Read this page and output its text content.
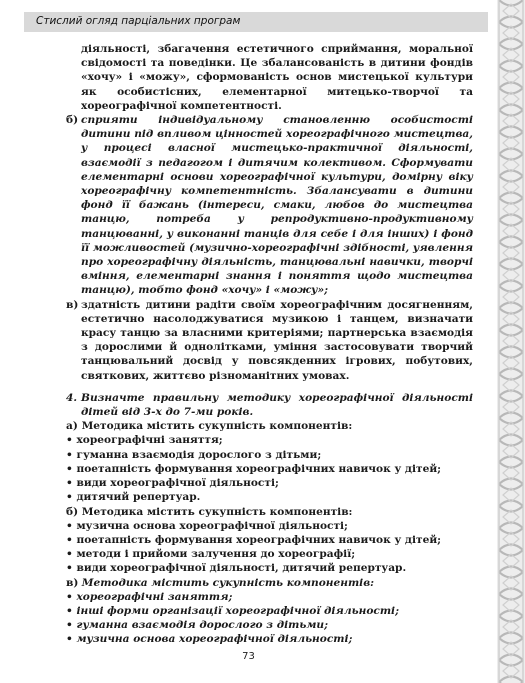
Стислий огляд парціальних програм
діяльності, збагачення естетичного сприймання, моральної свідомості та поведінки. Це збалансованість в дитини фондів «хочу» і «можу», сформованість основ мистецької культури як особистісних, елементарної митецько-творчої та хореографічної компетентності.
б) сприяти індивідуальному становленню особистості дитини під впливом цінностей хореографічного мистецтва, у процесі власної мистецько-практичної діяльності, взаємодії з педагогом і дитячим колективом. Сформувати елементарні основи хореографічної культури, домірну віку хореографічну компетентність. Збалансувати в дитини фонд її бажань (інтереси, смаки, любов до мистецтва танцю, потреба у репродуктивно-продуктивному танцюванні, у виконанні танців для себе і для інших) і фонд її можливостей (музично-хореографічні здібності, уявлення про хореографічну діяльність, танцювальні навички, творчі вміння, елементарні знання і поняття щодо мистецтва танцю), тобто фонд «хочу» і «можу»;
в) здатність дитини радіти своїм хореографічним досягненням, естетично насолоджуватися музикою і танцем, визначати красу танцю за власними критеріями; партнерська взаємодія з дорослими й однолітками, уміння застосовувати творчий танцювальний досвід у повсякденних ігрових, побутових, святкових, життєво різноманітних умовах.
4. Визначте правильну методику хореографічної діяльності дітей від 3-х до 7-ми років.
а) Методика містить сукупність компонентів:
• хореографічні заняття;
• гуманна взаємодія дорослого з дітьми;
• поетапність формування хореографічних навичок у дітей;
• види хореографічної діяльності;
• дитячий репертуар.
б) Методика містить сукупність компонентів:
• музична основа хореографічної діяльності;
• поетапність формування хореографічних навичок у дітей;
• методи і прийоми залучення до хореографії;
• види хореографічної діяльності, дитячий репертуар.
в) Методика містить сукупність компонентів:
• хореографічні заняття;
• інші форми організації хореографічної діяльності;
• гуманна взаємодія дорослого з дітьми;
• музична основа хореографічної діяльності;
73
